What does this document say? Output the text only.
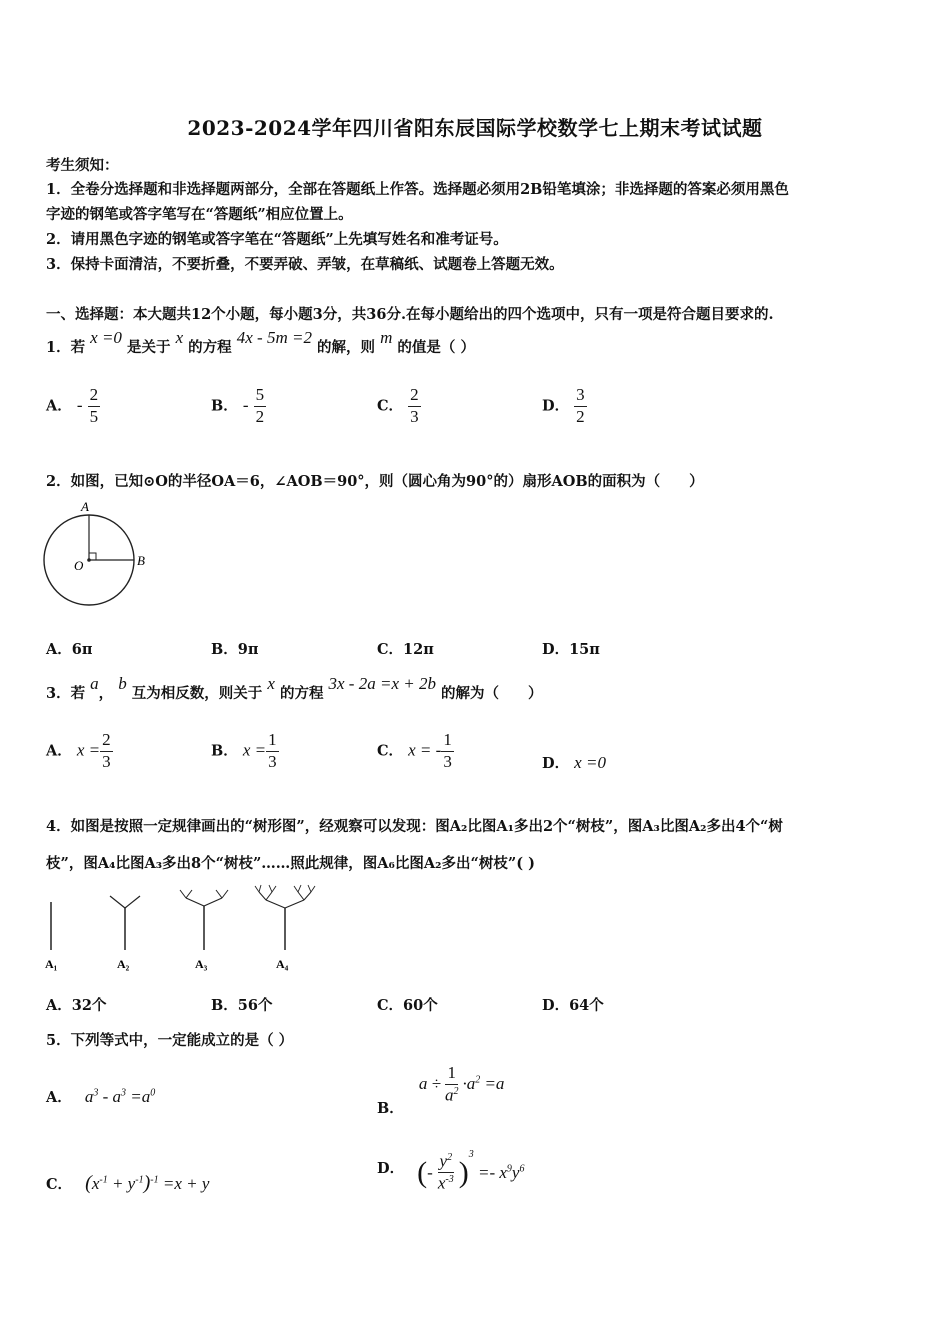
2023-2024学年四川省阳东辰国际学校数学七上期末考试试题
考生须知：
1．全卷分选择题和非选择题两部分，全部在答题纸上作答。选择题必须用2B铅笔填涂；非选择题的答案必须用黑色
字迹的钢笔或答字笔写在“答题纸”相应位置上。
2．请用黑色字迹的钢笔或答字笔在“答题纸”上先填写姓名和准考证号。
3．保持卡面清洁，不要折叠，不要弄破、弄皱，在草稿纸、试题卷上答题无效。
一、选择题：本大题共12个小题，每小题3分，共36分.在每小题给出的四个选项中，只有一项是符合题目要求的.
1．若 x =0 是关于 x 的方程 4x - 5m =2 的解，则 m 的值是（ ）
A． - $\frac{2}{5}$	B． - $\frac{5}{2}$	C． $\frac{2}{3}$	D． $\frac{3}{2}$
2．如图，已知⊙O的半径OA＝6，∠AOB＝90°，则（圆心角为90°的）扇形AOB的面积为（　　）
A
O	B
A．6π	B．9π	C．12π	D．15π
3．若 a， b 互为相反数，则关于 x 的方程 3x - 2a =x + 2b 的解为（　　）
A． $x = \frac{2}{3}$	B． $x = \frac{1}{3}$	C． x = - $\frac{1}{3}$	D． x =0
4．如图是按照一定规律画出的“树形图”，经观察可以发现：图A₂比图A₁多出2个“树枝”，图A₃比图A₂多出4个“树
枝”，图A₄比图A₃多出8个“树枝”……照此规律，图A₆比图A₂多出“树枝”( )
A₁	A₂	A₃	A₄
A．32个	B．56个	C．60个	D．64个
5．下列等式中，一定能成立的是（ ）
A． $a^3 - a^3 =a^0$
B． $a \div \frac{1}{a^2} \cdot a^2 =a$
C． $(x^{-1} + y^{-1})^{-1} =x + y$
D． (- $\frac{y^2}{x^{-3}} )^3 =- x^9y^6$
